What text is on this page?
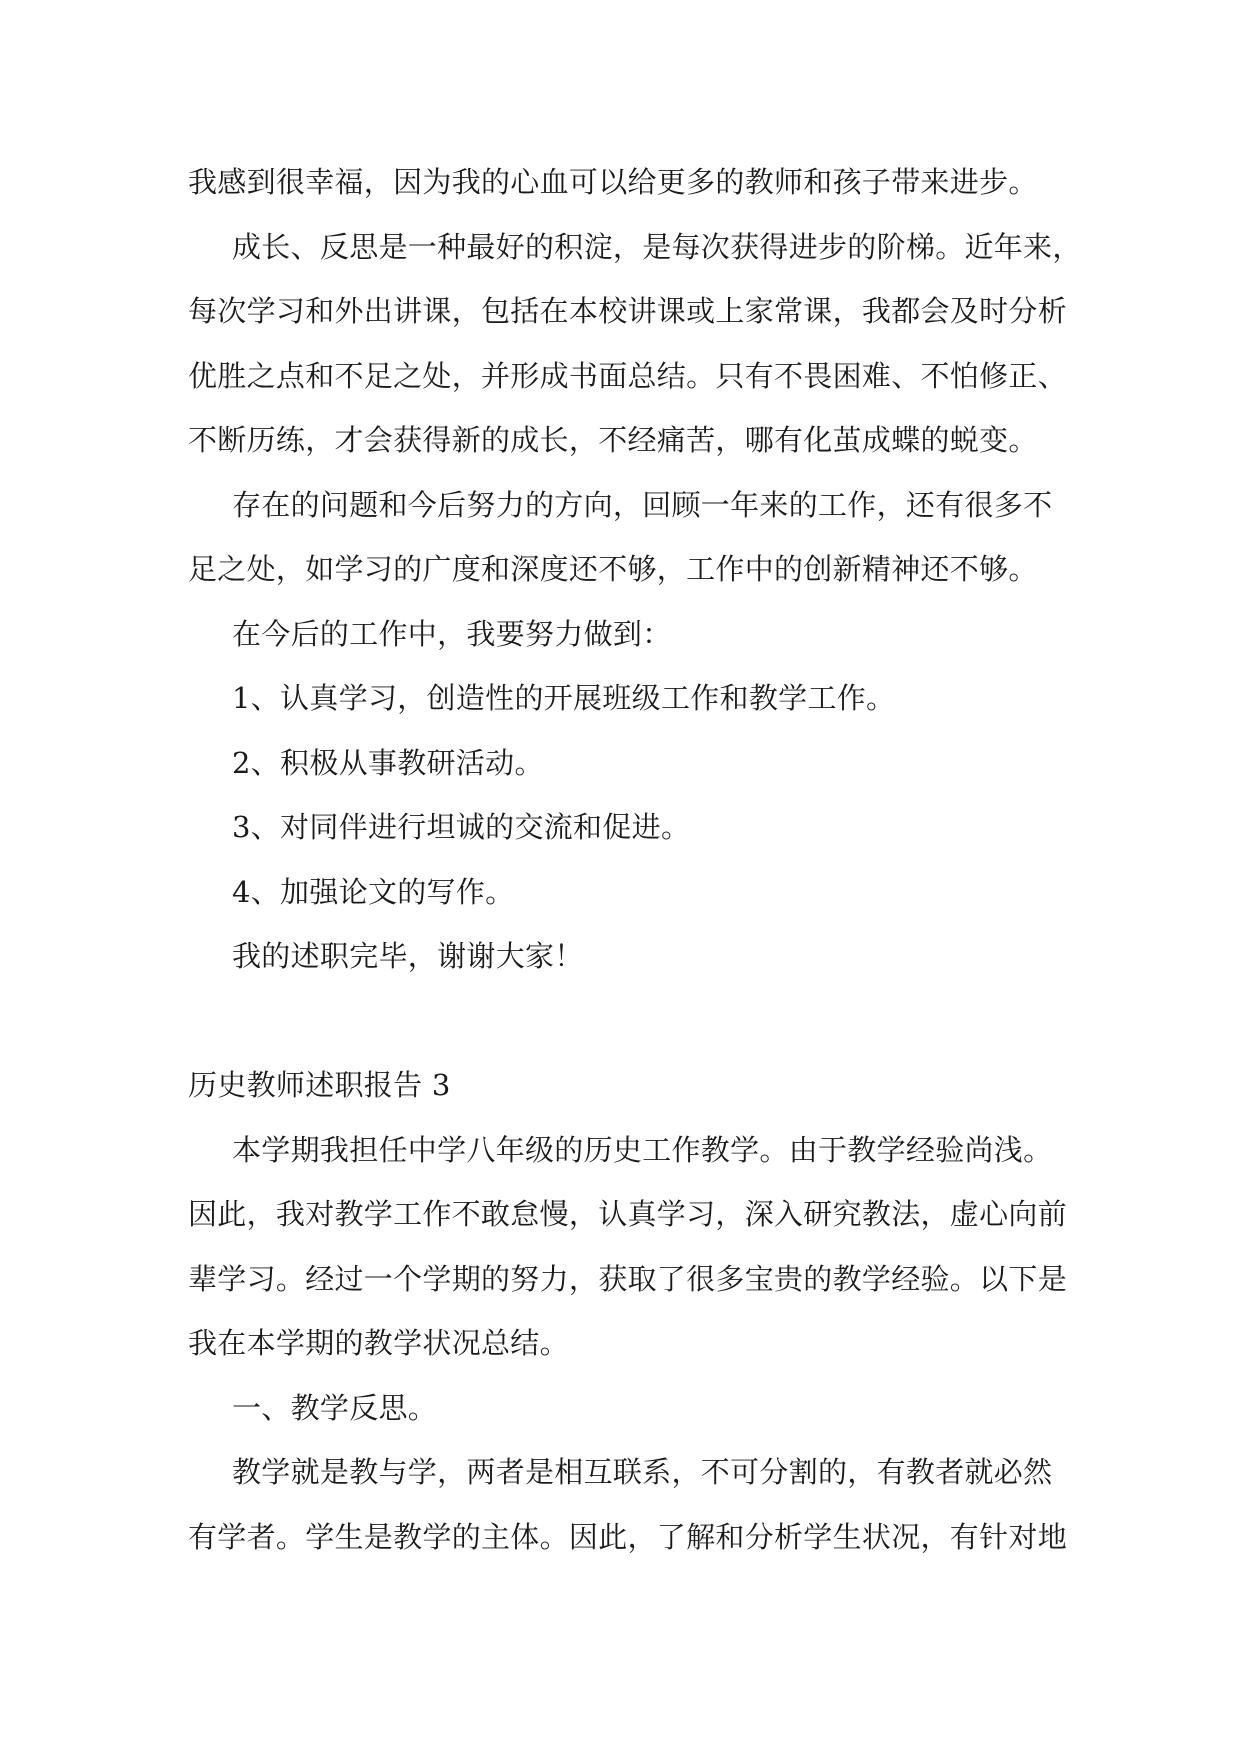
我感到很幸福，因为我的心血可以给更多的教师和孩子带来进步。
成长、反思是一种最好的积淀，是每次获得进步的阶梯。近年来，
每次学习和外出讲课，包括在本校讲课或上家常课，我都会及时分析
优胜之点和不足之处，并形成书面总结。只有不畏困难、不怕修正、
不断历练，才会获得新的成长，不经痛苦，哪有化茧成蝶的蜕变。
存在的问题和今后努力的方向，回顾一年来的工作，还有很多不
足之处，如学习的广度和深度还不够，工作中的创新精神还不够。
在今后的工作中，我要努力做到：
1、认真学习，创造性的开展班级工作和教学工作。
2、积极从事教研活动。
3、对同伴进行坦诚的交流和促进。
4、加强论文的写作。
我的述职完毕，谢谢大家！
历史教师述职报告 3
本学期我担任中学八年级的历史工作教学。由于教学经验尚浅。
因此，我对教学工作不敢怠慢，认真学习，深入研究教法，虚心向前
辈学习。经过一个学期的努力，获取了很多宝贵的教学经验。以下是
我在本学期的教学状况总结。
一、教学反思。
教学就是教与学，两者是相互联系，不可分割的，有教者就必然
有学者。学生是教学的主体。因此，了解和分析学生状况，有针对地
